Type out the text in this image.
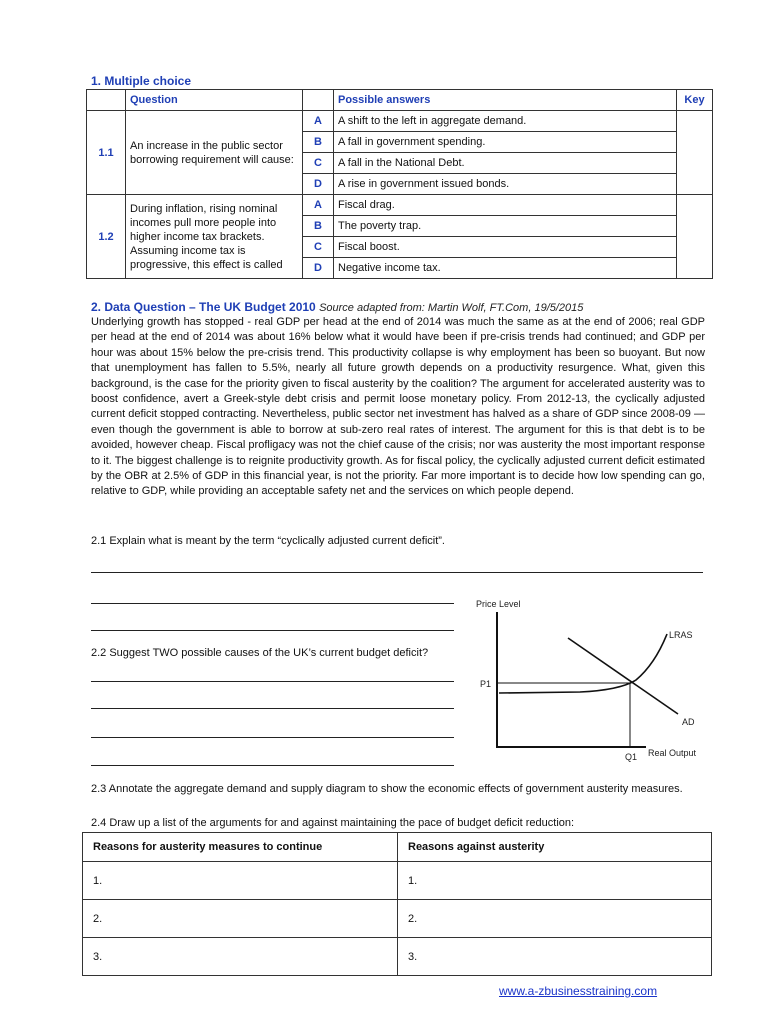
1. Multiple choice
	Question		Possible answers	Key
1.1	An increase in the public sector borrowing requirement will cause:	A	A shift to the left in aggregate demand.	
		B	A fall in government spending.	
		C	A fall in the National Debt.	
		D	A rise in government issued bonds.	
1.2	During inflation, rising nominal incomes pull more people into higher income tax brackets. Assuming income tax is progressive, this effect is called	A	Fiscal drag.	
		B	The poverty trap.	
		C	Fiscal boost.	
		D	Negative income tax.	
2. Data Question – The UK Budget 2010 Source adapted from: Martin Wolf, FT.Com, 19/5/2015
Underlying growth has stopped - real GDP per head at the end of 2014 was much the same as at the end of 2006; real GDP per head at the end of 2014 was about 16% below what it would have been if pre-crisis trends had continued; and GDP per hour was about 15% below the pre-crisis trend. This productivity collapse is why employment has been so buoyant. But now that unemployment has fallen to 5.5%, nearly all future growth depends on a productivity resurgence. What, given this background, is the case for the priority given to fiscal austerity by the coalition? The argument for accelerated austerity was to boost confidence, avert a Greek-style debt crisis and permit loose monetary policy. From 2012-13, the cyclically adjusted current deficit stopped contracting. Nevertheless, public sector net investment has halved as a share of GDP since 2008-09 — even though the government is able to borrow at sub-zero real rates of interest. The argument for this is that debt is to be avoided, however cheap. Fiscal profligacy was not the chief cause of the crisis; nor was austerity the most important response to it. The biggest challenge is to reignite productivity growth. As for fiscal policy, the cyclically adjusted current deficit estimated by the OBR at 2.5% of GDP in this financial year, is not the priority. Far more important is to decide how low spending can go, relative to GDP, while providing an acceptable safety net and the services on which people depend.
2.1 Explain what is meant by the term “cyclically adjusted current deficit”.
2.2 Suggest TWO possible causes of the UK’s current budget deficit?
Price Level
Real Output
LRAS
AD
P1
Q1
2.3 Annotate the aggregate demand and supply diagram to show the economic effects of government austerity measures.
2.4 Draw up a list of the arguments for and against maintaining the pace of budget deficit reduction:
Reasons for austerity measures to continue	Reasons against austerity
1.	1.
2.	2.
3.	3.
www.a-zbusinesstraining.com
